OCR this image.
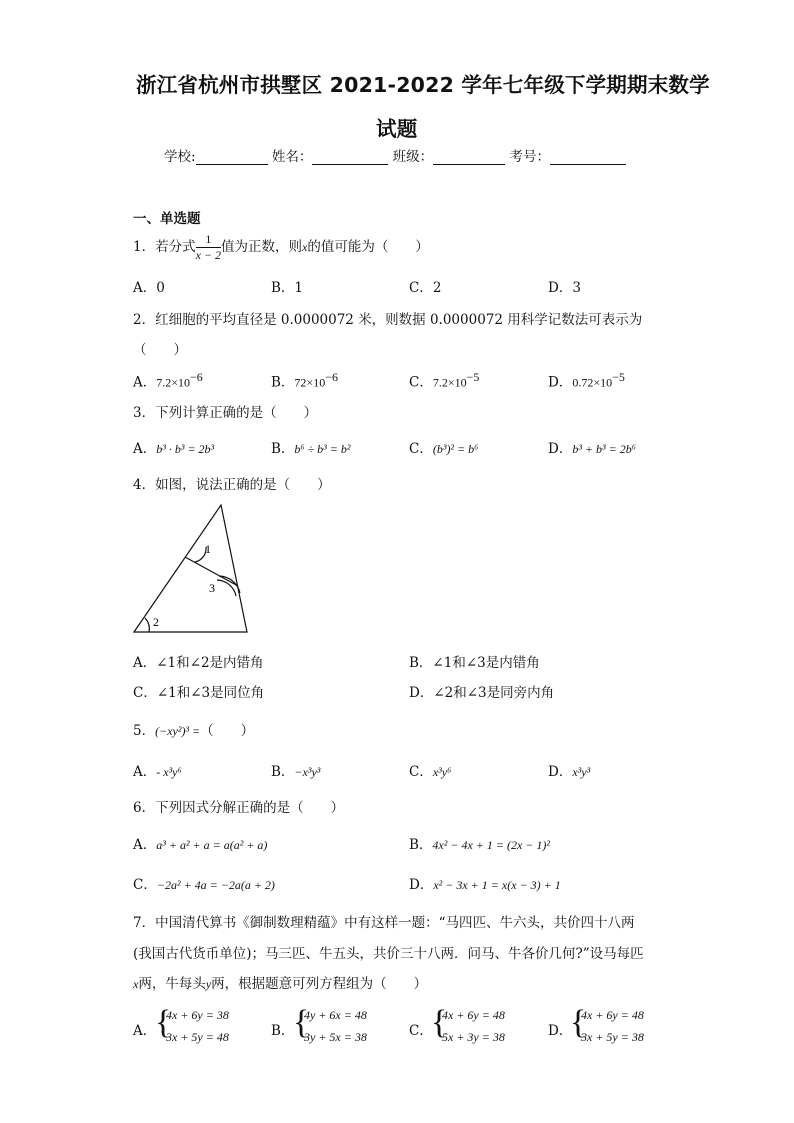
浙江省杭州市拱墅区 2021-2022 学年七年级下学期期末数学
试题
学校:	姓名：	班级：	考号：
一、单选题
1．若分式 $\frac{1}{x - 2}$ 值为正数，则x的值可能为（　　）
A．0	B．1	C．2	D．3
2．红细胞的平均直径是 0.0000072 米，则数据 0.0000072 用科学记数法可表示为
（　　）
A．$7.2\times 10^{-6}$	B．$72\times 10^{-6}$	C．$7.2\times 10^{-5}$	D．$0.72\times 10^{-5}$
3．下列计算正确的是（　　）
A．b³ · b³ = 2b³	B．b⁶ ÷ b³ = b²	C．(b³)² = b⁶	D．b³ + b³ = 2b⁶
4．如图，说法正确的是（　　）
1
3
2
A．∠1和∠2是内错角	B．∠1和∠3是内错角
C．∠1和∠3是同位角	D．∠2和∠3是同旁内角
5．(−xy²)³ =（　　）
A．- x³y⁶	B．−x³y³	C．x³y⁶	D．x³y³
6．下列因式分解正确的是（　　）
A．a³ + a² + a = a(a² + a)	B．4x² − 4x + 1 = (2x − 1)²
C．−2a² + 4a = −2a(a + 2)	D．x² − 3x + 1 = x(x − 3) + 1
7．中国清代算书《御制数理精蕴》中有这样一题：“马四匹、牛六头，共价四十八两
(我国古代货币单位)；马三匹、牛五头，共价三十八两．问马、牛各价几何?”设马每匹
x两，牛每头y两，根据题意可列方程组为（　　）
A．
{
4x + 6y = 38
3x + 5y = 48	B．
{
4y + 6x = 48
3y + 5x = 38	C．
{
4x + 6y = 48
5x + 3y = 38	D．
{
4x + 6y = 48
3x + 5y = 38
